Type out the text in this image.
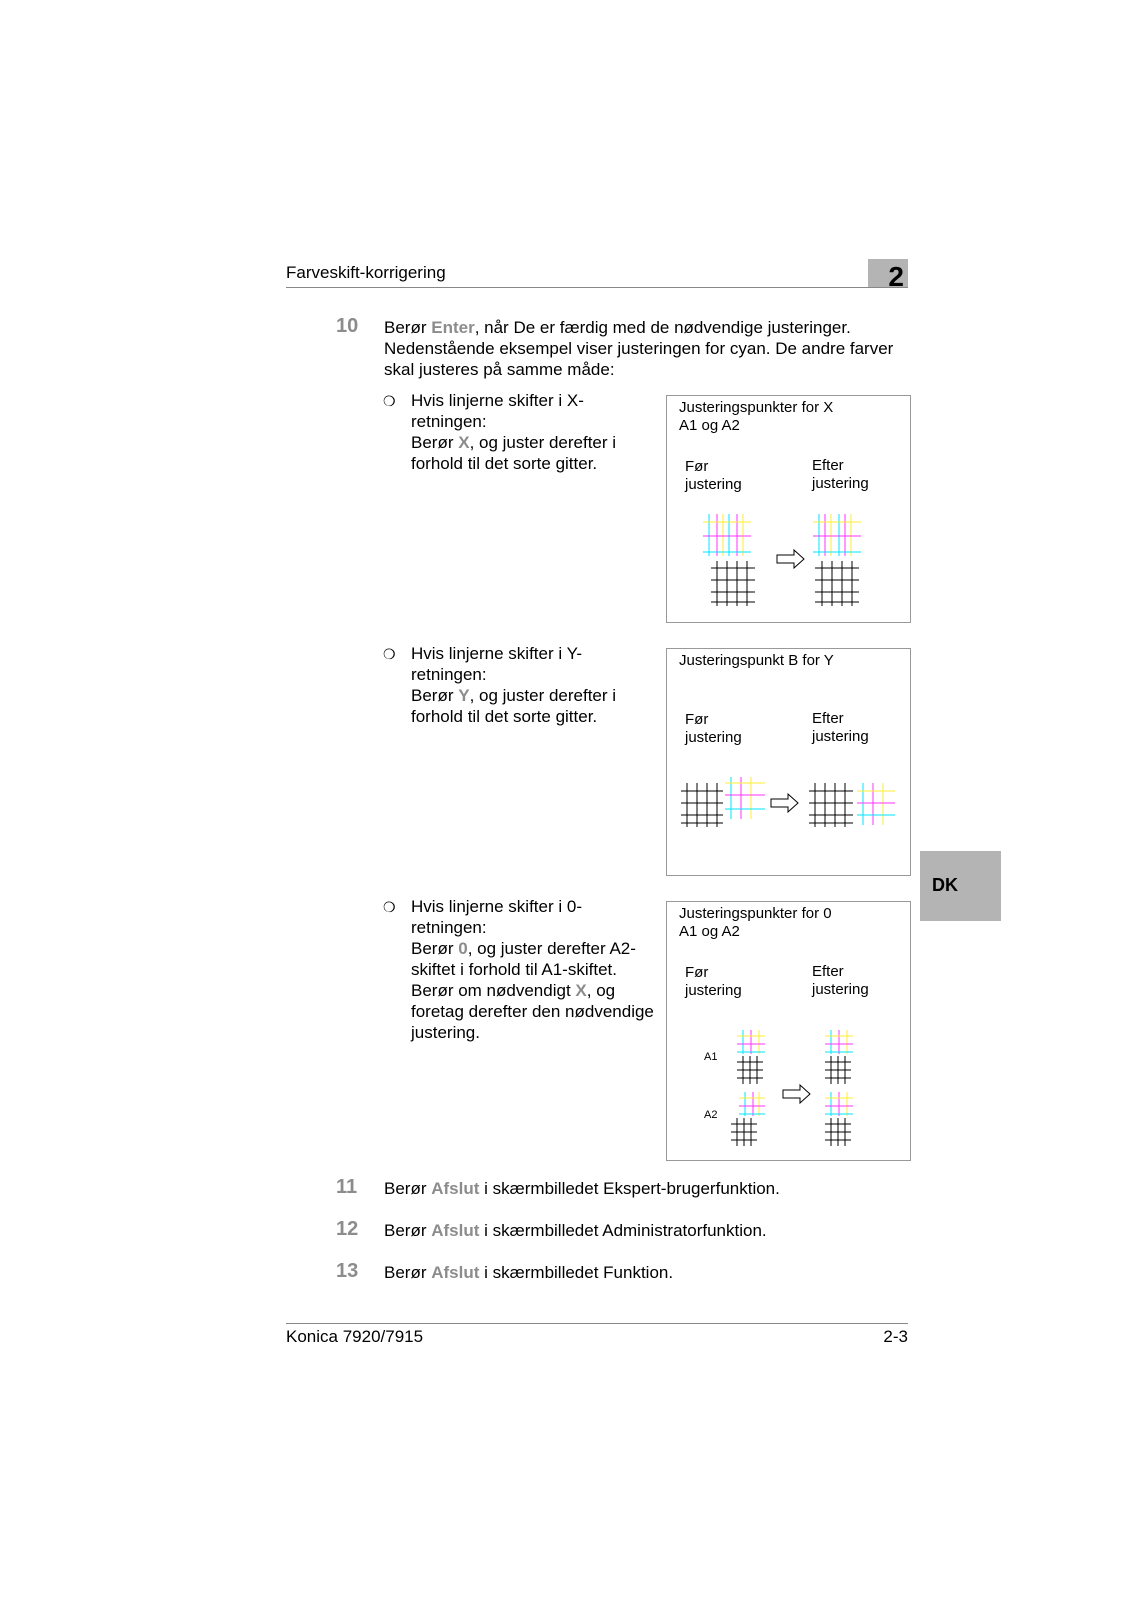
Farveskift-korrigering	2
DK
10 Berør Enter, når De er færdig med de nødvendige justeringer.
Nedenstående eksempel viser justeringen for cyan. De andre farver
skal justeres på samme måde:
❍ Hvis linjerne skifter i X-
retningen:
Berør X, og juster derefter i
forhold til det sorte gitter.
❍ Hvis linjerne skifter i Y-
retningen:
Berør Y, og juster derefter i
forhold til det sorte gitter.
❍ Hvis linjerne skifter i 0-
retningen:
Berør 0, og juster derefter A2-
skiftet i forhold til A1-skiftet.
Berør om nødvendigt X, og
foretag derefter den nødvendige
justering.
Justeringspunkter for X
A1 og A2
Før
justering
Efter
justering
Justeringspunkt B for Y
Før
justering
Efter
justering
Justeringspunkter for 0
A1 og A2
Før
justering
Efter
justering
A1
A2
11 Berør Afslut i skærmbilledet Ekspert-brugerfunktion.
12 Berør Afslut i skærmbilledet Administratorfunktion.
13 Berør Afslut i skærmbilledet Funktion.
Konica 7920/7915	2-3
